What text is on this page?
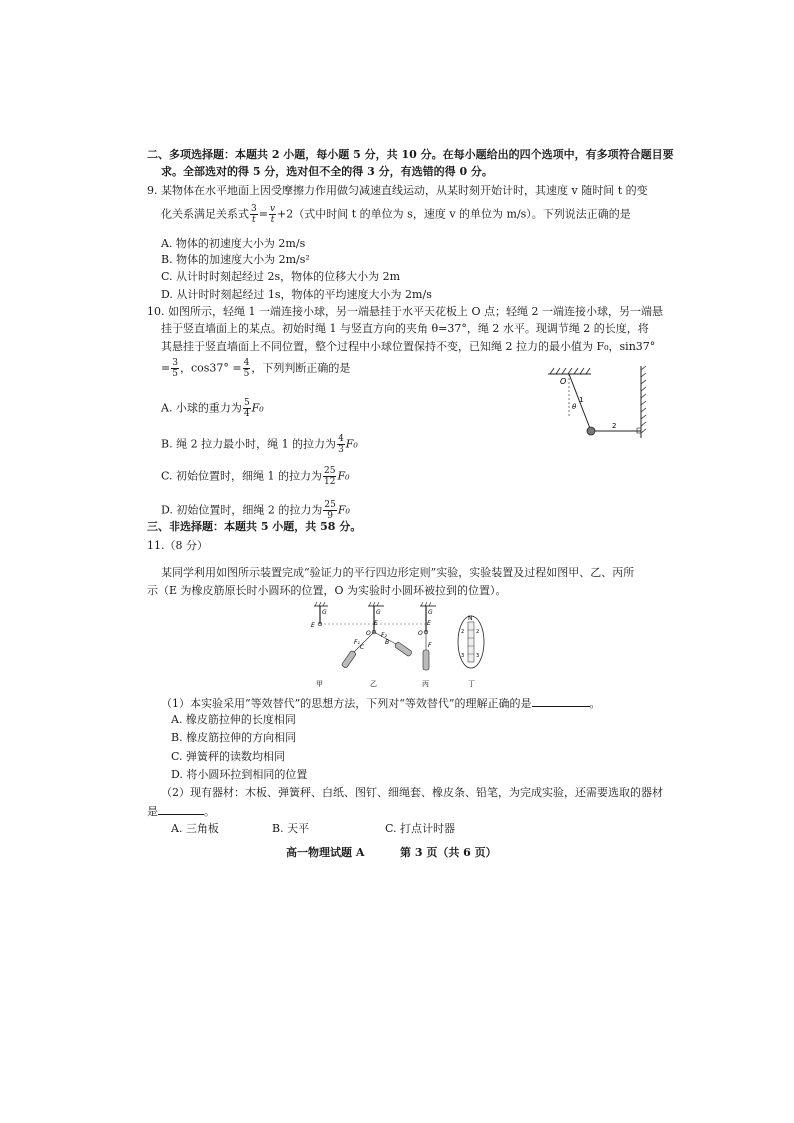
二、多项选择题：本题共 2 小题，每小题 5 分，共 10 分。在每小题给出的四个选项中，有多项符合题目要
求。全部选对的得 5 分，选对但不全的得 3 分，有选错的得 0 分。
9. 某物体在水平地面上因受摩擦力作用做匀减速直线运动，从某时刻开始计时，其速度 v 随时间 t 的变
化关系满足关系式 $\frac{3}{t} = \frac{v}{t} +2$（式中时间 t 的单位为 s，速度 v 的单位为 m/s）。下列说法正确的是
A. 物体的初速度大小为 2m/s
B. 物体的加速度大小为 2m/s²
C. 从计时时刻起经过 2s，物体的位移大小为 2m
D. 从计时时刻起经过 1s，物体的平均速度大小为 2m/s
10. 如图所示，轻绳 1 一端连接小球，另一端悬挂于水平天花板上 O 点；轻绳 2 一端连接小球，另一端悬
挂于竖直墙面上的某点。初始时绳 1 与竖直方向的夹角 θ=37°，绳 2 水平。现调节绳 2 的长度，将
其悬挂于竖直墙面上不同位置，整个过程中小球位置保持不变，已知绳 2 拉力的最小值为 F₀，sin37°
= $\frac{3}{5}$ ，$\cos 37^\circ = \frac{4}{5}$ ，下列判断正确的是
A. 小球的重力为 $\frac{5}{4} F_0$
B. 绳 2 拉力最小时，绳 1 的拉力为 $\frac{4}{3} F_0$
C. 初始位置时，细绳 1 的拉力为 $\frac{25}{12} F_0$
D. 初始位置时，细绳 2 的拉力为 $\frac{25}{9} F_0$
O
1
θ
2
三、非选择题：本题共 5 小题，共 58 分。
11.（8 分）
某同学利用如图所示装置完成“验证力的平行四边形定则”实验，实验装置及过程如图甲、乙、丙所
示（E 为橡皮筋原长时小圆环的位置，O 为实验时小圆环被拉到的位置）。
G
E
G
E
O
F₁
F₂
C
B
G
E
O
F
N
2 2
3 3
甲	乙	丙	丁
（1）本实验采用“等效替代”的思想方法，下列对“等效替代”的理解正确的是	。
A. 橡皮筋拉伸的长度相同
B. 橡皮筋拉伸的方向相同
C. 弹簧秤的读数均相同
D. 将小圆环拉到相同的位置
（2）现有器材：木板、弹簧秤、白纸、图钉、细绳套、橡皮条、铅笔，为完成实验，还需要选取的器材
是	。
A. 三角板	B. 天平	C. 打点计时器
高一物理试题 A	第 3 页（共 6 页）
